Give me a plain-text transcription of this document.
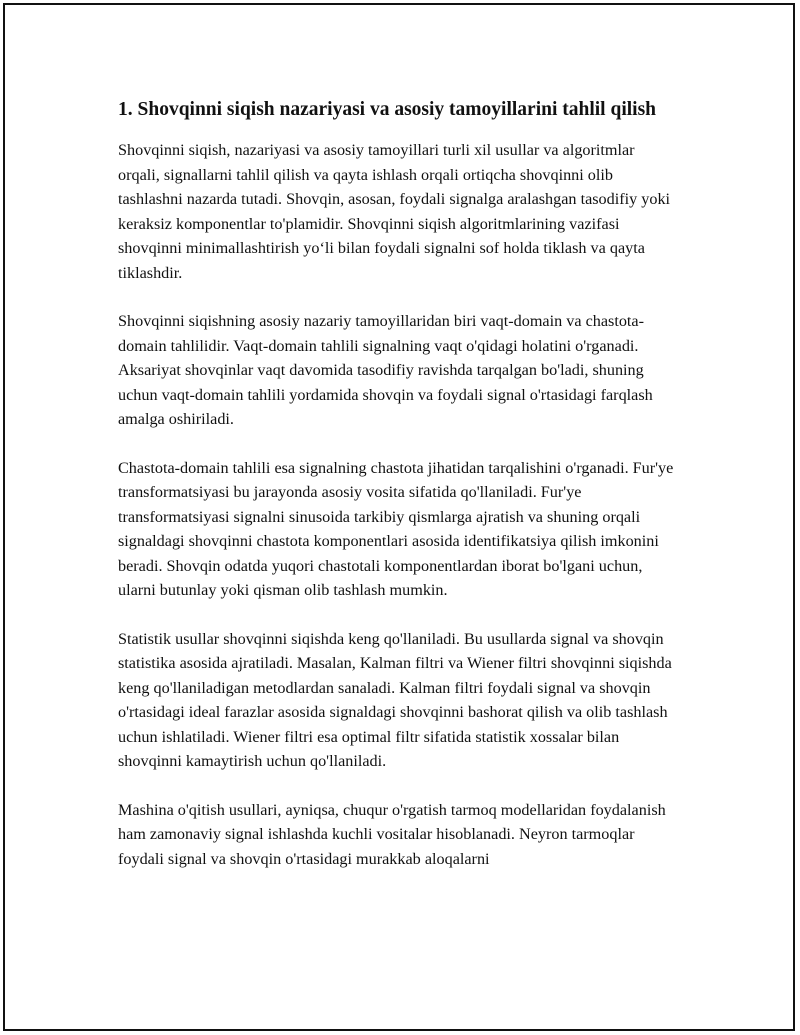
1. Shovqinni siqish nazariyasi va asosiy tamoyillarini tahlil qilish

Shovqinni siqish, nazariyasi va asosiy tamoyillari turli xil usullar va algoritmlar orqali, signallarni tahlil qilish va qayta ishlash orqali ortiqcha shovqinni olib tashlashni nazarda tutadi. Shovqin, asosan, foydali signalga aralashgan tasodifiy yoki keraksiz komponentlar to'plamidir. Shovqinni siqish algoritmlarining vazifasi shovqinni minimallashtirish yo‘li bilan foydali signalni sof holda tiklash va qayta tiklashdir.

Shovqinni siqishning asosiy nazariy tamoyillaridan biri vaqt-domain va chastota-domain tahlilidir. Vaqt-domain tahlili signalning vaqt o'qidagi holatini o'rganadi. Aksariyat shovqinlar vaqt davomida tasodifiy ravishda tarqalgan bo'ladi, shuning uchun vaqt-domain tahlili yordamida shovqin va foydali signal o'rtasidagi farqlash amalga oshiriladi.

Chastota-domain tahlili esa signalning chastota jihatidan tarqalishini o'rganadi. Fur'ye transformatsiyasi bu jarayonda asosiy vosita sifatida qo'llaniladi. Fur'ye transformatsiyasi signalni sinusoida tarkibiy qismlarga ajratish va shuning orqali signaldagi shovqinni chastota komponentlari asosida identifikatsiya qilish imkonini beradi. Shovqin odatda yuqori chastotali komponentlardan iborat bo'lgani uchun, ularni butunlay yoki qisman olib tashlash mumkin.

Statistik usullar shovqinni siqishda keng qo'llaniladi. Bu usullarda signal va shovqin statistika asosida ajratiladi. Masalan, Kalman filtri va Wiener filtri shovqinni siqishda keng qo'llaniladigan metodlardan sanaladi. Kalman filtri foydali signal va shovqin o'rtasidagi ideal farazlar asosida signaldagi shovqinni bashorat qilish va olib tashlash uchun ishlatiladi. Wiener filtri esa optimal filtr sifatida statistik xossalar bilan shovqinni kamaytirish uchun qo'llaniladi.

Mashina o'qitish usullari, ayniqsa, chuqur o'rgatish tarmoq modellaridan foydalanish ham zamonaviy signal ishlashda kuchli vositalar hisoblanadi. Neyron tarmoqlar foydali signal va shovqin o'rtasidagi murakkab aloqalarni
